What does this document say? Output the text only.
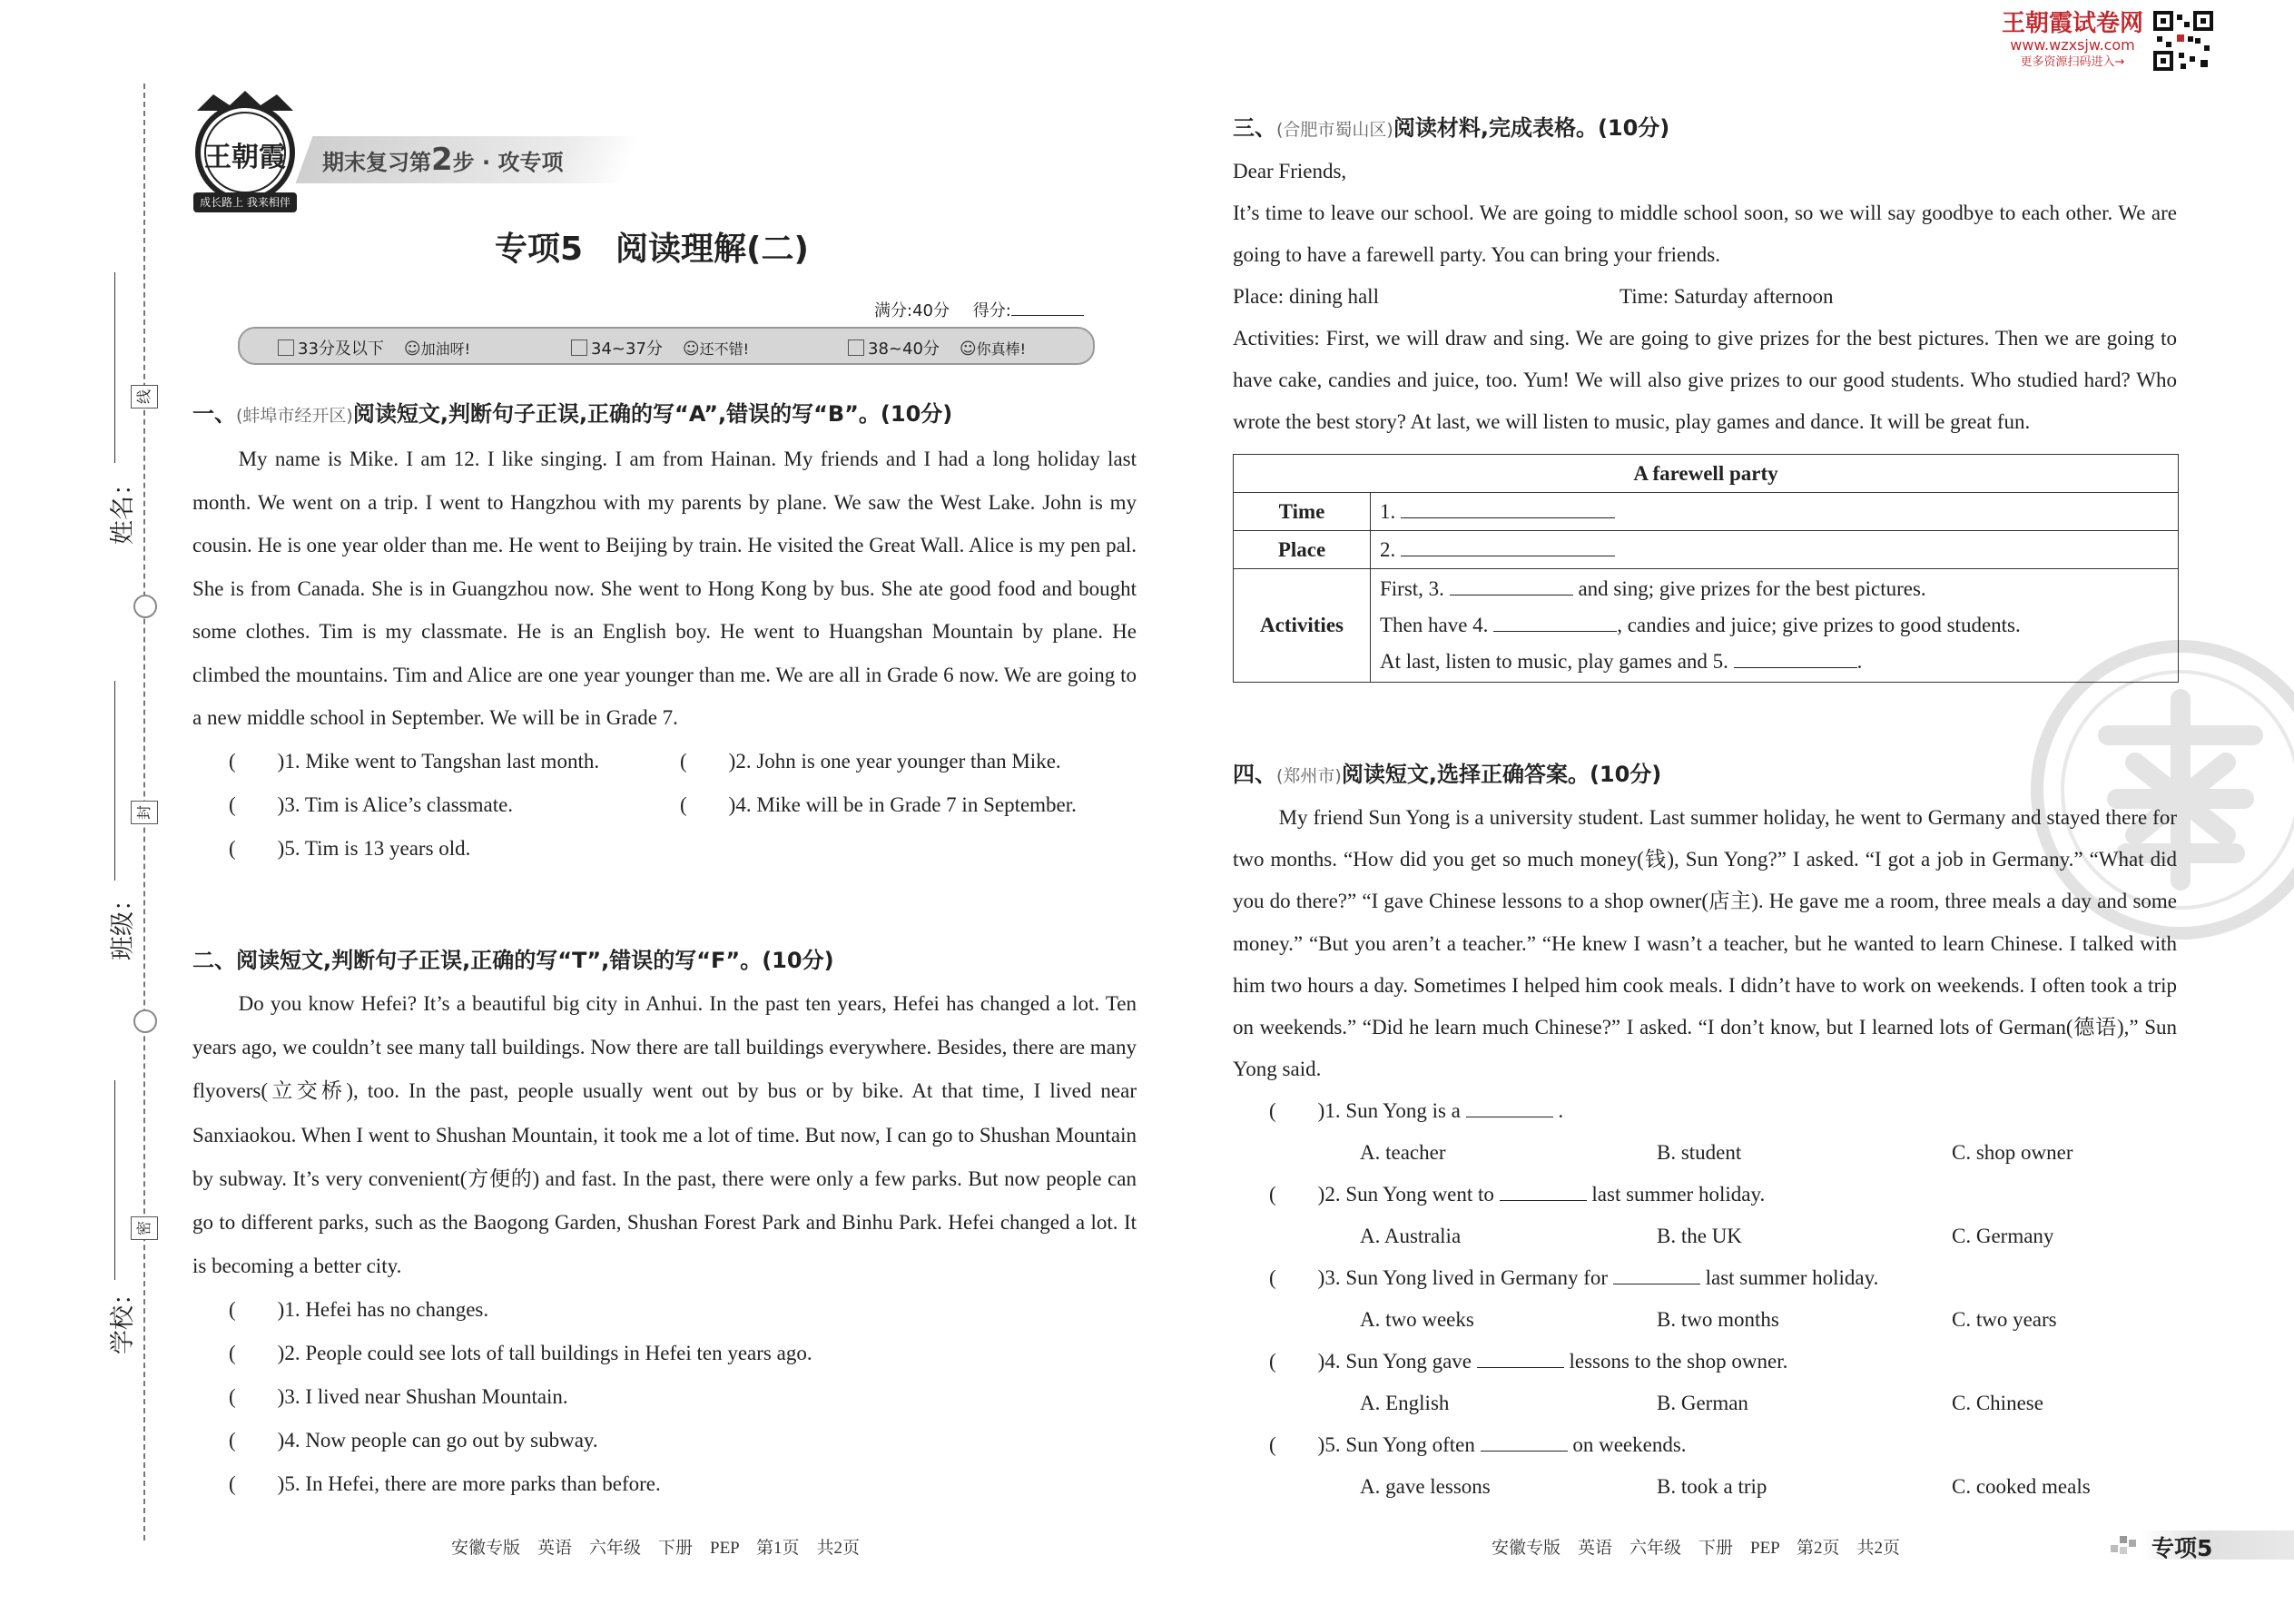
姓名：
班级：
学校：
线
封
密
王朝霞
成长路上 我来相伴
期末复习第2步 · 攻专项
专项5　阅读理解(二)
满分:40分 得分:
33分及以下 ☺加油呀!	34~37分 ☺还不错!	38~40分 ☺你真棒!
王朝霞试卷网
www.wzxsjw.com
更多资源扫码进入→
一、(蚌埠市经开区)阅读短文,判断句子正误,正确的写“A”,错误的写“B”。(10分)

My name is Mike. I am 12. I like singing. I am from Hainan. My friends and I had a long holiday last month. We went on a trip. I went to Hangzhou with my parents by plane. We saw the West Lake. John is my cousin. He is one year older than me. He went to Beijing by train. He visited the Great Wall. Alice is my pen pal. She is from Canada. She is in Guangzhou now. She went to Hong Kong by bus. She ate good food and bought some clothes. Tim is my classmate. He is an English boy. He went to Huangshan Mountain by plane. He climbed the mountains. Tim and Alice are one year younger than me. We are all in Grade 6 now. We are going to a new middle school in September. We will be in Grade 7.

(　　)1. Mike went to Tangshan last month.	(　　)2. John is one year younger than Mike.
(　　)3. Tim is Alice’s classmate.	(　　)4. Mike will be in Grade 7 in September.
(　　)5. Tim is 13 years old.
二、阅读短文,判断句子正误,正确的写“T”,错误的写“F”。(10分)

Do you know Hefei? It’s a beautiful big city in Anhui. In the past ten years, Hefei has changed a lot. Ten years ago, we couldn’t see many tall buildings. Now there are tall buildings everywhere. Besides, there are many flyovers(立交桥), too. In the past, people usually went out by bus or by bike. At that time, I lived near Sanxiaokou. When I went to Shushan Mountain, it took me a lot of time. But now, I can go to Shushan Mountain by subway. It’s very convenient(方便的) and fast. In the past, there were only a few parks. But now people can go to different parks, such as the Baogong Garden, Shushan Forest Park and Binhu Park. Hefei changed a lot. It is becoming a better city.

(　　)1. Hefei has no changes.
(　　)2. People could see lots of tall buildings in Hefei ten years ago.
(　　)3. I lived near Shushan Mountain.
(　　)4. Now people can go out by subway.
(　　)5. In Hefei, there are more parks than before.
三、(合肥市蜀山区)阅读材料,完成表格。(10分)
Dear Friends,

It’s time to leave our school. We are going to middle school soon, so we will say goodbye to each other. We are going to have a farewell party. You can bring your friends.

Place: dining hall	Time: Saturday afternoon

Activities: First, we will draw and sing. We are going to give prizes for the best pictures. Then we are going to have cake, candies and juice, too. Yum! We will also give prizes to our good students. Who studied hard? Who wrote the best story? At last, we will listen to music, play games and dance. It will be great fun.

A farewell party	
Time	1.
Place	2.
Activities	First, 3. and sing; give prizes for the best pictures.
Then have 4. , candies and juice; give prizes to good students.
At last, listen to music, play games and 5. .
四、(郑州市)阅读短文,选择正确答案。(10分)

My friend Sun Yong is a university student. Last summer holiday, he went to Germany and stayed there for two months. “How did you get so much money(钱), Sun Yong?” I asked. “I got a job in Germany.” “What did you do there?” “I gave Chinese lessons to a shop owner(店主). He gave me a room, three meals a day and some money.” “But you aren’t a teacher.” “He knew I wasn’t a teacher, but he wanted to learn Chinese. I talked with him two hours a day. Sometimes I helped him cook meals. I didn’t have to work on weekends. I often took a trip on weekends.” “Did he learn much Chinese?” I asked. “I don’t know, but I learned lots of German(德语),” Sun Yong said.

(　　)1. Sun Yong is a	.
A. teacher	B. student	C. shop owner

(　　)2. Sun Yong went to	last summer holiday.
A. Australia	B. the UK	C. Germany

(　　)3. Sun Yong lived in Germany for	last summer holiday.
A. two weeks	B. two months	C. two years

(　　)4. Sun Yong gave	lessons to the shop owner.
A. English	B. German	C. Chinese

(　　)5. Sun Yong often	on weekends.
A. gave lessons	B. took a trip	C. cooked meals

安徽专版　英语　六年级　下册　PEP　第1页　共2页	安徽专版　英语　六年级　下册　PEP　第2页　共2页	专项5
